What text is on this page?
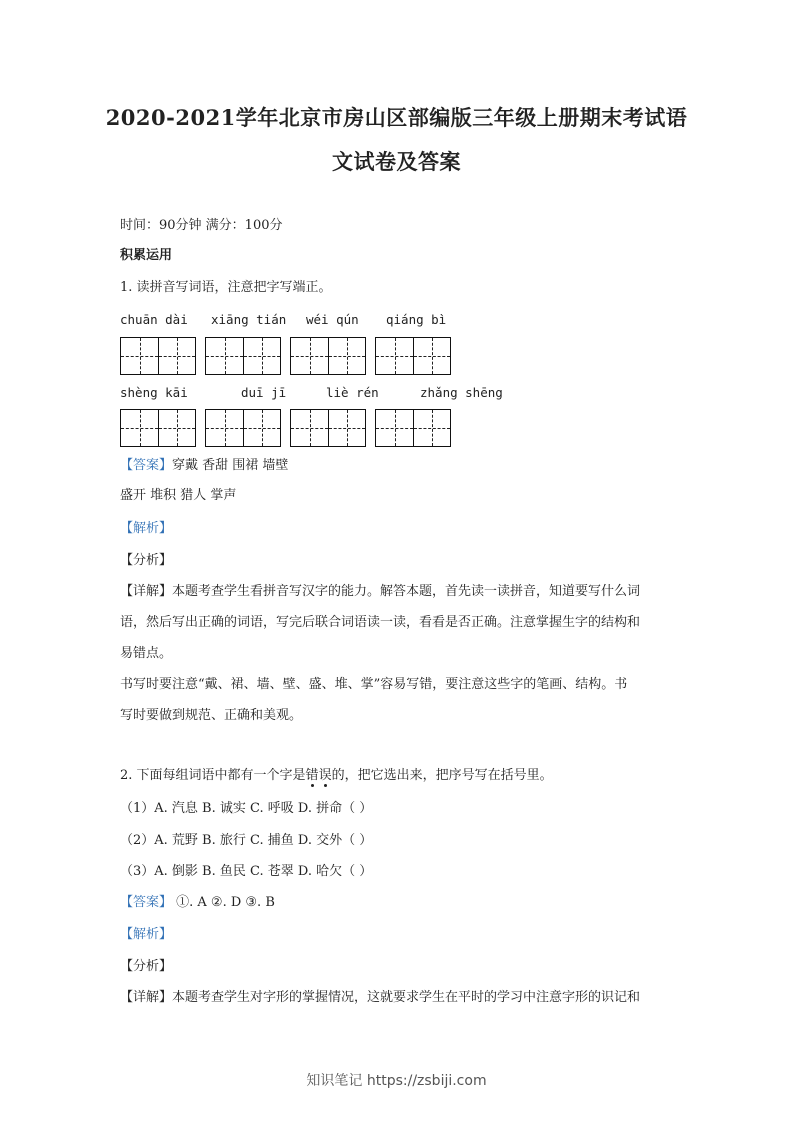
2020-2021学年北京市房山区部编版三年级上册期末考试语
文试卷及答案
时间：90分钟 满分：100分
积累运用
1. 读拼音写词语，注意把字写端正。
chuān dài xiāng tián wéi qún qiáng bì
shèng kāi	duī jī	liè rén	zhǎng shēng
【答案】穿戴 香甜 围裙 墙壁
盛开 堆积 猎人 掌声
【解析】
【分析】
【详解】本题考查学生看拼音写汉字的能力。解答本题，首先读一读拼音，知道要写什么词
语，然后写出正确的词语，写完后联合词语读一读，看看是否正确。注意掌握生字的结构和
易错点。
书写时要注意“戴、裙、墙、壁、盛、堆、掌”容易写错，要注意这些字的笔画、结构。书
写时要做到规范、正确和美观。
2. 下面每组词语中都有一个字是错误的，把它选出来，把序号写在括号里。
（1）A. 汽息 B. 诚实 C. 呼吸 D. 拼命（ ）
（2）A. 荒野 B. 旅行 C. 捕鱼 D. 交外（ ）
（3）A. 倒影 B. 鱼民 C. 苍翠 D. 哈欠（ ）
【答案】 ①. A ②. D ③. B
【解析】
【分析】
【详解】本题考查学生对字形的掌握情况，这就要求学生在平时的学习中注意字形的识记和
知识笔记 https://zsbiji.com
